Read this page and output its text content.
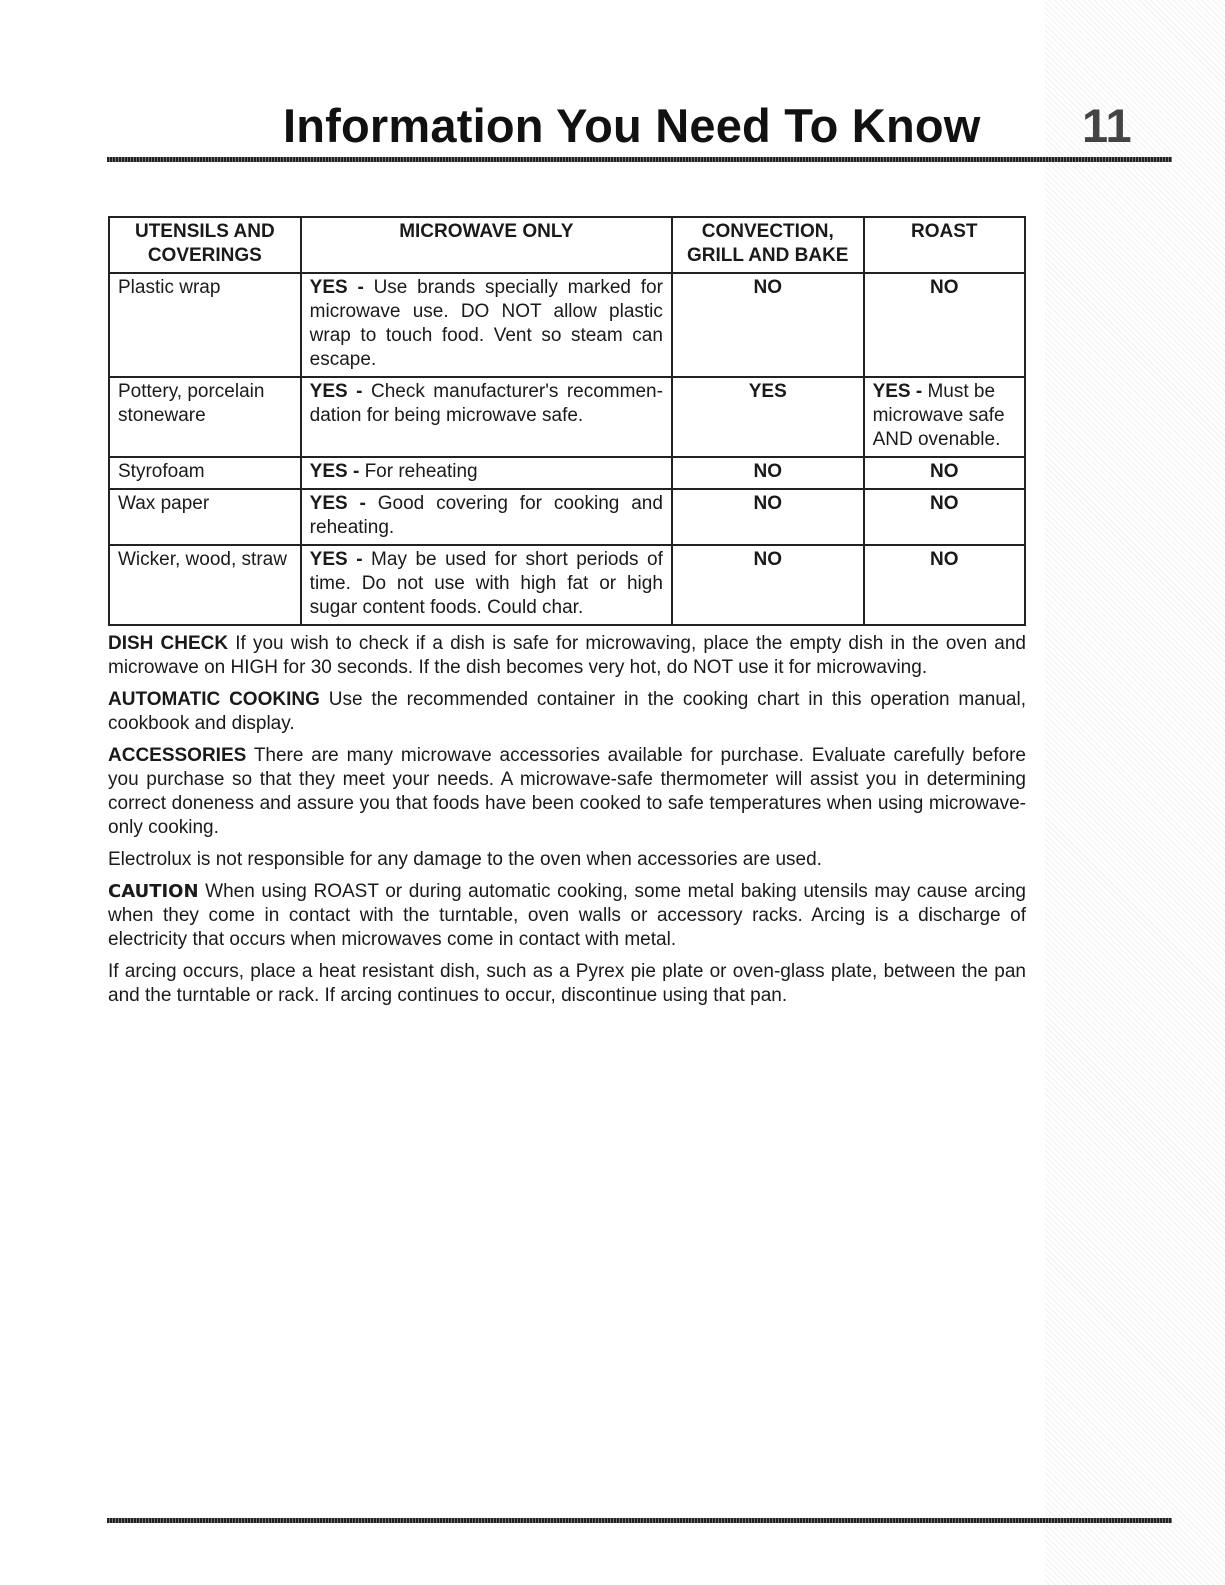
Information You Need To Know 11
UTENSILS AND COVERINGS	MICROWAVE ONLY	CONVECTION, GRILL AND BAKE	ROAST
Plastic wrap	YES - Use brands specially marked for microwave use. DO NOT allow plastic wrap to touch food. Vent so steam can escape.	NO	NO
Pottery, porcelain stoneware	YES - Check manufacturer's recommen-dation for being microwave safe.	YES	YES - Must be microwave safe AND ovenable.
Styrofoam	YES - For reheating	NO	NO
Wax paper	YES - Good covering for cooking and reheating.	NO	NO
Wicker, wood, straw	YES - May be used for short periods of time. Do not use with high fat or high sugar content foods. Could char.	NO	NO

DISH CHECK If you wish to check if a dish is safe for microwaving, place the empty dish in the oven and microwave on HIGH for 30 seconds. If the dish becomes very hot, do NOT use it for microwaving.

AUTOMATIC COOKING Use the recommended container in the cooking chart in this operation manual, cookbook and display.

ACCESSORIES There are many microwave accessories available for purchase. Evaluate carefully before you purchase so that they meet your needs. A microwave-safe thermometer will assist you in determining correct doneness and assure you that foods have been cooked to safe temperatures when using microwave-only cooking.

Electrolux is not responsible for any damage to the oven when accessories are used.

CAUTION When using ROAST or during automatic cooking, some metal baking utensils may cause arcing when they come in contact with the turntable, oven walls or accessory racks. Arcing is a discharge of electricity that occurs when microwaves come in contact with metal.

If arcing occurs, place a heat resistant dish, such as a Pyrex pie plate or oven-glass plate, between the pan and the turntable or rack. If arcing continues to occur, discontinue using that pan.
